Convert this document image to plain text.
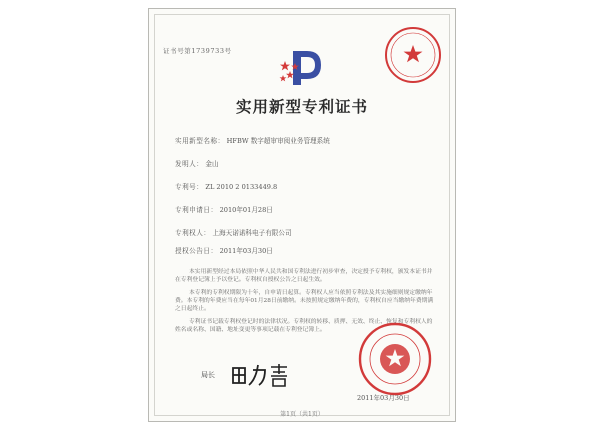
证书号第1739733号
实用新型专利证书
实用新型名称： HFBW 数字超审审阅业务管理系统
发明人： 金山
专利号： ZL 2010 2 0133449.8
专利申请日： 2010年01月28日
专利权人： 上海天诺诺科电子有限公司
授权公告日： 2011年03月30日
本实用新型经过本局依照中华人民共和国专利法进行初步审查，决定授予专利权，颁发本证书并在专利登记簿上予以登记。专利权自授权公告之日起生效。
本专利的专利权期限为十年，自申请日起算。专利权人应当依照专利法及其实施细则规定缴纳年费。本专利的年费应当在每年01月28日前缴纳。未按照规定缴纳年费的，专利权自应当缴纳年费期满之日起终止。
专利证书记载专利权登记时的法律状况。专利权的转移、质押、无效、终止、恢复和专利权人的姓名或名称、国籍、地址变更等事项记载在专利登记簿上。
局长
2011年03月30日
第1页（共1页）
